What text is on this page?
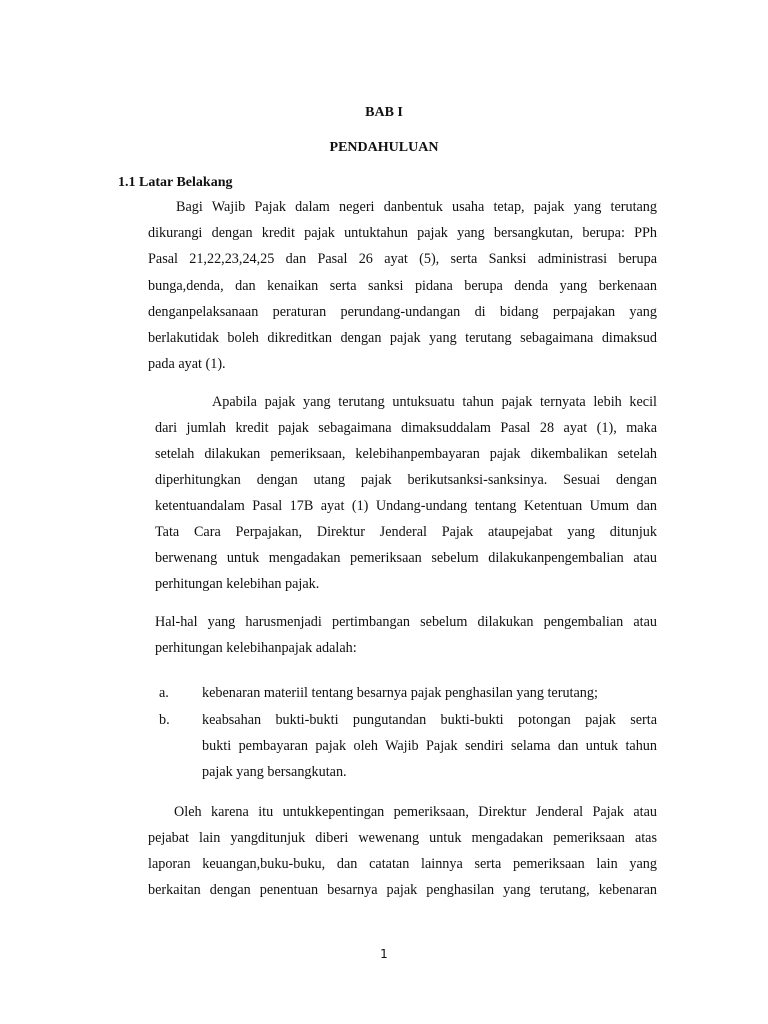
BAB I
PENDAHULUAN
1.1 Latar Belakang
Bagi Wajib Pajak dalam negeri danbentuk usaha tetap, pajak yang terutang
dikurangi dengan kredit pajak untuktahun pajak yang bersangkutan, berupa: PPh
Pasal 21,22,23,24,25 dan Pasal 26 ayat (5), serta Sanksi administrasi berupa
bunga,denda, dan kenaikan serta sanksi pidana berupa denda yang berkenaan
denganpelaksanaan peraturan perundang-undangan di bidang perpajakan yang
berlakutidak boleh dikreditkan dengan pajak yang terutang sebagaimana dimaksud
pada ayat (1).
Apabila pajak yang terutang untuksuatu tahun pajak ternyata lebih kecil
dari jumlah kredit pajak sebagaimana dimaksuddalam Pasal 28 ayat (1), maka
setelah dilakukan pemeriksaan, kelebihanpembayaran pajak dikembalikan setelah
diperhitungkan dengan utang pajak berikutsanksi-sanksinya. Sesuai dengan
ketentuandalam Pasal 17B ayat (1) Undang-undang tentang Ketentuan Umum dan
Tata Cara Perpajakan, Direktur Jenderal Pajak ataupejabat yang ditunjuk
berwenang untuk mengadakan pemeriksaan sebelum dilakukanpengembalian atau
perhitungan kelebihan pajak.
Hal-hal yang harusmenjadi pertimbangan sebelum dilakukan pengembalian atau
perhitungan kelebihanpajak adalah:
a. kebenaran materiil tentang besarnya pajak penghasilan yang terutang;
b. keabsahan bukti-bukti pungutandan bukti-bukti potongan pajak serta
bukti pembayaran pajak oleh Wajib Pajak sendiri selama dan untuk tahun
pajak yang bersangkutan.
Oleh karena itu untukkepentingan pemeriksaan, Direktur Jenderal Pajak atau
pejabat lain yangditunjuk diberi wewenang untuk mengadakan pemeriksaan atas
laporan keuangan,buku-buku, dan catatan lainnya serta pemeriksaan lain yang
berkaitan dengan penentuan besarnya pajak penghasilan yang terutang, kebenaran
1
